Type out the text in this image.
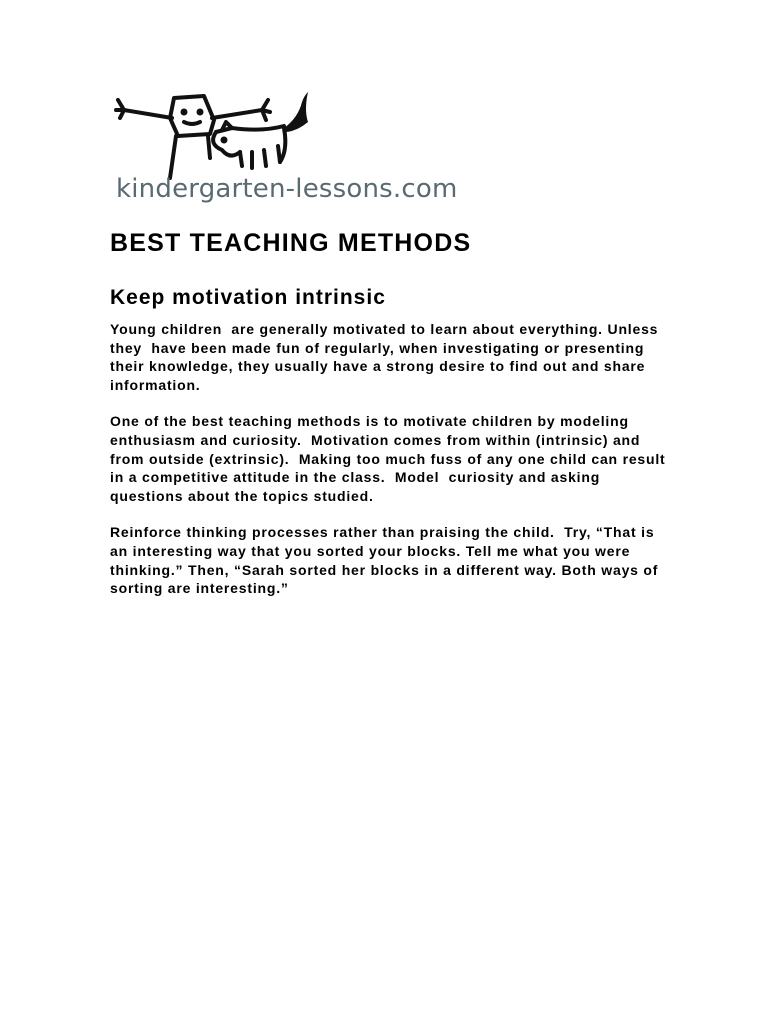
kindergarten-lessons.com
BEST TEACHING METHODS
Keep motivation intrinsic

Young children  are generally motivated to learn about everything. Unless they  have been made fun of regularly, when investigating or presenting their knowledge, they usually have a strong desire to find out and share information.

One of the best teaching methods is to motivate children by modeling enthusiasm and curiosity.  Motivation comes from within (intrinsic) and from outside (extrinsic).  Making too much fuss of any one child can result in a competitive attitude in the class.  Model  curiosity and asking questions about the topics studied.

Reinforce thinking processes rather than praising the child.  Try, “That is an interesting way that you sorted your blocks. Tell me what you were thinking.” Then, “Sarah sorted her blocks in a different way. Both ways of sorting are interesting.”
